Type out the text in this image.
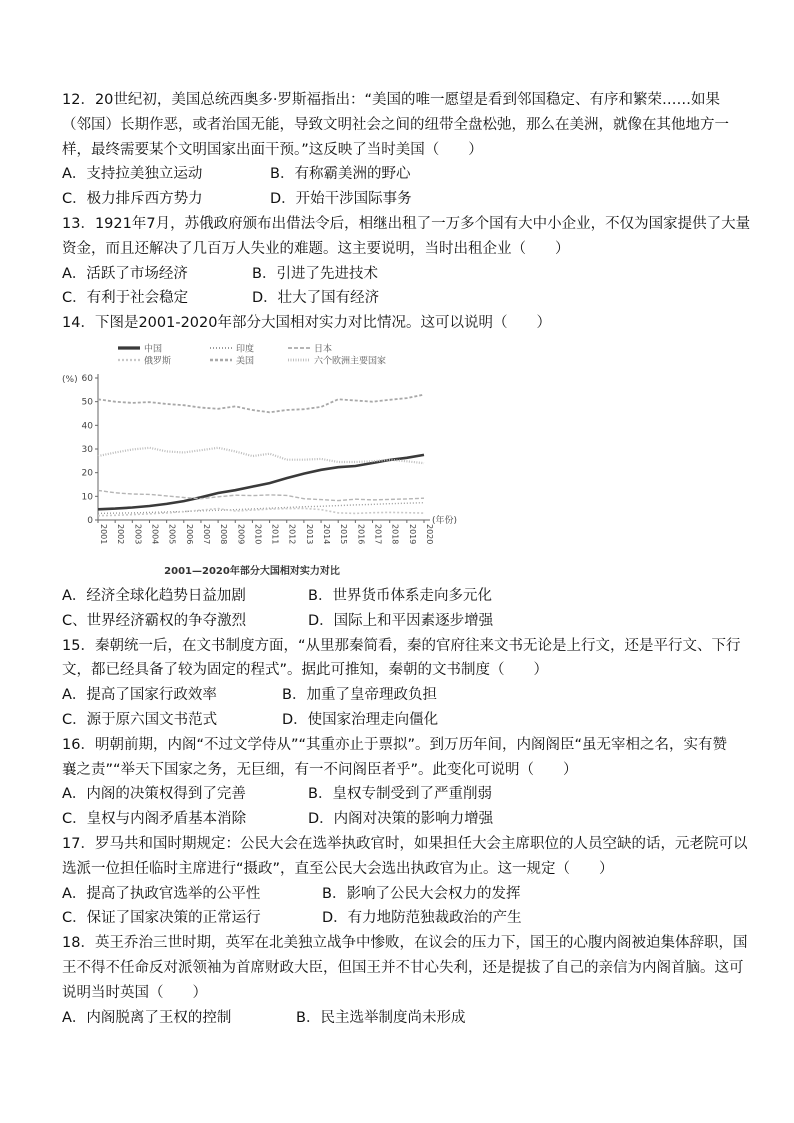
12．20世纪初，美国总统西奥多·罗斯福指出：“美国的唯一愿望是看到邻国稳定、有序和繁荣……如果
（邻国）长期作恶，或者治国无能，导致文明社会之间的纽带全盘松弛，那么在美洲，就像在其他地方一
样，最终需要某个文明国家出面干预。”这反映了当时美国（　　）
A．支持拉美独立运动	B．有称霸美洲的野心
C．极力排斥西方势力	D．开始干涉国际事务
13．1921年7月，苏俄政府颁布出借法令后，相继出租了一万多个国有大中小企业，不仅为国家提供了大量
资金，而且还解决了几百万人失业的难题。这主要说明，当时出租企业（　　）
A．活跃了市场经济	B．引进了先进技术
C．有利于社会稳定	D．壮大了国有经济
14．下图是2001-2020年部分大国相对实力对比情况。这可以说明（　　）
A．经济全球化趋势日益加剧	B．世界货币体系走向多元化
C、世界经济霸权的争夺激烈	D．国际上和平因素逐步增强
15．秦朝统一后，在文书制度方面，“从里那秦简看，秦的官府往来文书无论是上行文，还是平行文、下行
文，都已经具备了较为固定的程式”。据此可推知，秦朝的文书制度（　　）
A．提高了国家行政效率	B．加重了皇帝理政负担
C．源于原六国文书范式	D．使国家治理走向僵化
16．明朝前期，内阁“不过文学侍从”“其重亦止于票拟”。到万历年间，内阁阁臣“虽无宰相之名，实有赞
襄之责”“举天下国家之务，无巨细，有一不问阁臣者乎”。此变化可说明（　　）
A．内阁的决策权得到了完善	B．皇权专制受到了严重削弱
C．皇权与内阁矛盾基本消除	D．内阁对决策的影响力增强
17．罗马共和国时期规定：公民大会在选举执政官时，如果担任大会主席职位的人员空缺的话，元老院可以
选派一位担任临时主席进行“摄政”，直至公民大会选出执政官为止。这一规定（　　）
A．提高了执政官选举的公平性	B．影响了公民大会权力的发挥
C．保证了国家决策的正常运行	D．有力地防范独裁政治的产生
18．英王乔治三世时期，英军在北美独立战争中惨败，在议会的压力下，国王的心腹内阁被迫集体辞职，国
王不得不任命反对派领袖为首席财政大臣，但国王并不甘心失利，还是提拔了自己的亲信为内阁首脑。这可
说明当时英国（　　）
A．内阁脱离了王权的控制	B．民主选举制度尚未形成
0
10
20
30
40
50
60
(%)
2001 2002 2003 2004 2005 2006 2007 2008 2009 2010 2011 2012 2013 2014 2015 2016 2017 2018 2019 2020
(年份)
中国	印度	日本
俄罗斯	美国	六个欧洲主要国家
2001—2020年部分大国相对实力对比
